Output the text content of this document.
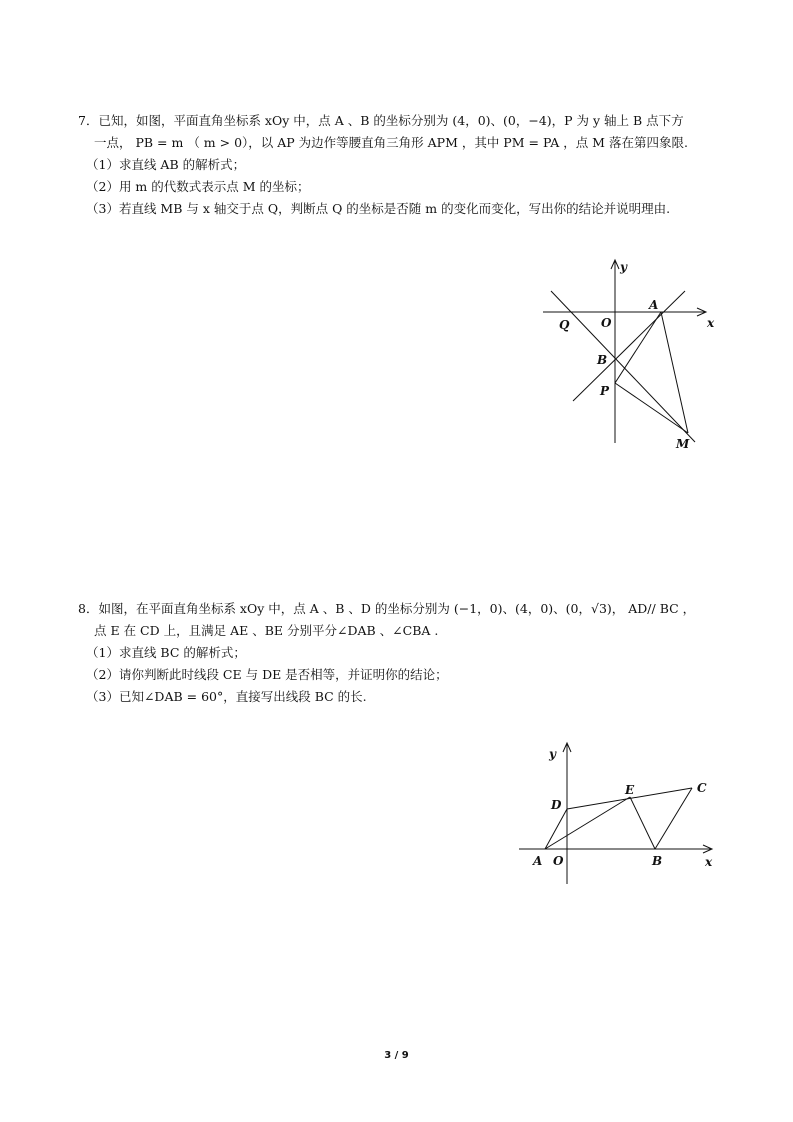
7．已知，如图，平面直角坐标系 xOy 中，点 A 、B 的坐标分别为 (4，0)、(0，−4)，P 为 y 轴上 B 点下方
一点， PB = m （ m > 0），以 AP 为边作等腰直角三角形 APM ，其中 PM = PA ，点 M 落在第四象限.
（1）求直线 AB 的解析式；
（2）用 m 的代数式表示点 M 的坐标；
（3）若直线 MB 与 x 轴交于点 Q，判断点 Q 的坐标是否随 m 的变化而变化，写出你的结论并说明理由.
y
x
A
O
Q
B
P
M
8．如图，在平面直角坐标系 xOy 中，点 A 、B 、D 的坐标分别为 (−1，0)、(4，0)、(0，√3)， AD// BC ，
点 E 在 CD 上，且满足 AE 、BE 分别平分∠DAB 、∠CBA .
（1）求直线 BC 的解析式；
（2）请你判断此时线段 CE 与 DE 是否相等，并证明你的结论；
（3）已知∠DAB = 60°，直接写出线段 BC 的长.
y
x
D
E	C
A O	B
3 / 9
